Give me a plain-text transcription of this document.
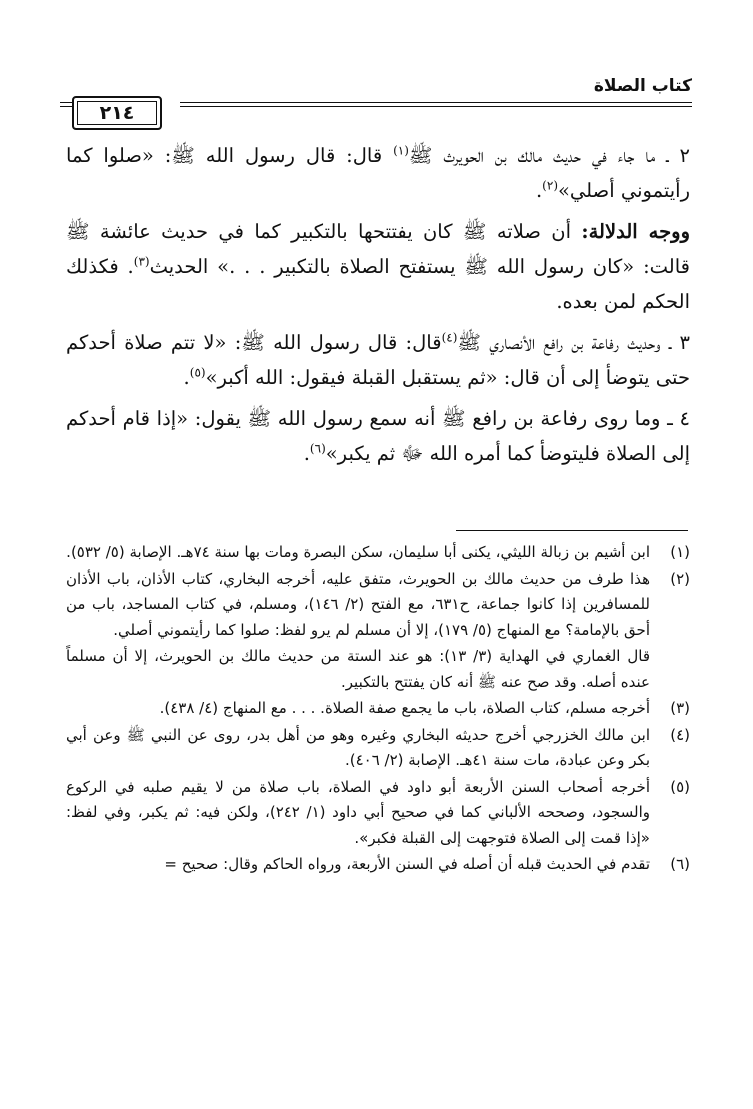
كتاب الصلاة
٢١٤

٢ ـ ما جاء في حديث مالك بن الحويرث ﷺ$^{(١)}$ قال: قال رسول الله ﷺ: «صلوا كما رأيتموني أصلي»$^{(٢)}$.

ووجه الدلالة: أن صلاته ﷺ كان يفتتحها بالتكبير كما في حديث عائشة ﷺ قالت: «كان رسول الله ﷺ يستفتح الصلاة بالتكبير . . .» الحديث$^{(٣)}$. فكذلك الحكم لمن بعده.

٣ ـ وحديث رفاعة بن رافع الأنصاري ﷺ$^{(٤)}$قال: قال رسول الله ﷺ: «لا تتم صلاة أحدكم حتى يتوضأ إلى أن قال: «ثم يستقبل القبلة فيقول: الله أكبر»$^{(٥)}$.

٤ ـ وما روى رفاعة بن رافع ﷺ أنه سمع رسول الله ﷺ يقول: «إذا قام أحدكم إلى الصلاة فليتوضأ كما أمره الله ﷻ ثم يكبر»$^{(٦)}$.

(١)
ابن أشيم بن زبالة الليثي، يكنى أبا سليمان، سكن البصرة ومات بها سنة ٧٤هـ. الإصابة (٥/ ٥٣٢).
(٢)
هذا طرف من حديث مالك بن الحويرث، متفق عليه، أخرجه البخاري، كتاب الأذان، باب الأذان للمسافرين إذا كانوا جماعة، ح٦٣١، مع الفتح (٢/ ١٤٦)، ومسلم، في كتاب المساجد، باب من أحق بالإمامة؟ مع المنهاج (٥/ ١٧٩)، إلا أن مسلم لم يرو لفظ: صلوا كما رأيتموني أصلي.
قال الغماري في الهداية (٣/ ١٣): هو عند الستة من حديث مالك بن الحويرث، إلا أن مسلماً عنده أصله. وقد صح عنه ﷺ أنه كان يفتتح بالتكبير.
(٣)
أخرجه مسلم، كتاب الصلاة، باب ما يجمع صفة الصلاة. . . . مع المنهاج (٤/ ٤٣٨).
(٤)
ابن مالك الخزرجي أخرج حديثه البخاري وغيره وهو من أهل بدر، روى عن النبي ﷺ وعن أبي بكر وعن عبادة، مات سنة ٤١هـ. الإصابة (٢/ ٤٠٦).
(٥)
أخرجه أصحاب السنن الأربعة أبو داود في الصلاة، باب صلاة من لا يقيم صلبه في الركوع والسجود، وصححه الألباني كما في صحيح أبي داود (١/ ٢٤٢)، ولكن فيه: ثم يكبر، وفي لفظ: «إذا قمت إلى الصلاة فتوجهت إلى القبلة فكبر».
(٦)
تقدم في الحديث قبله أن أصله في السنن الأربعة، ورواه الحاكم وقال: صحيح =
